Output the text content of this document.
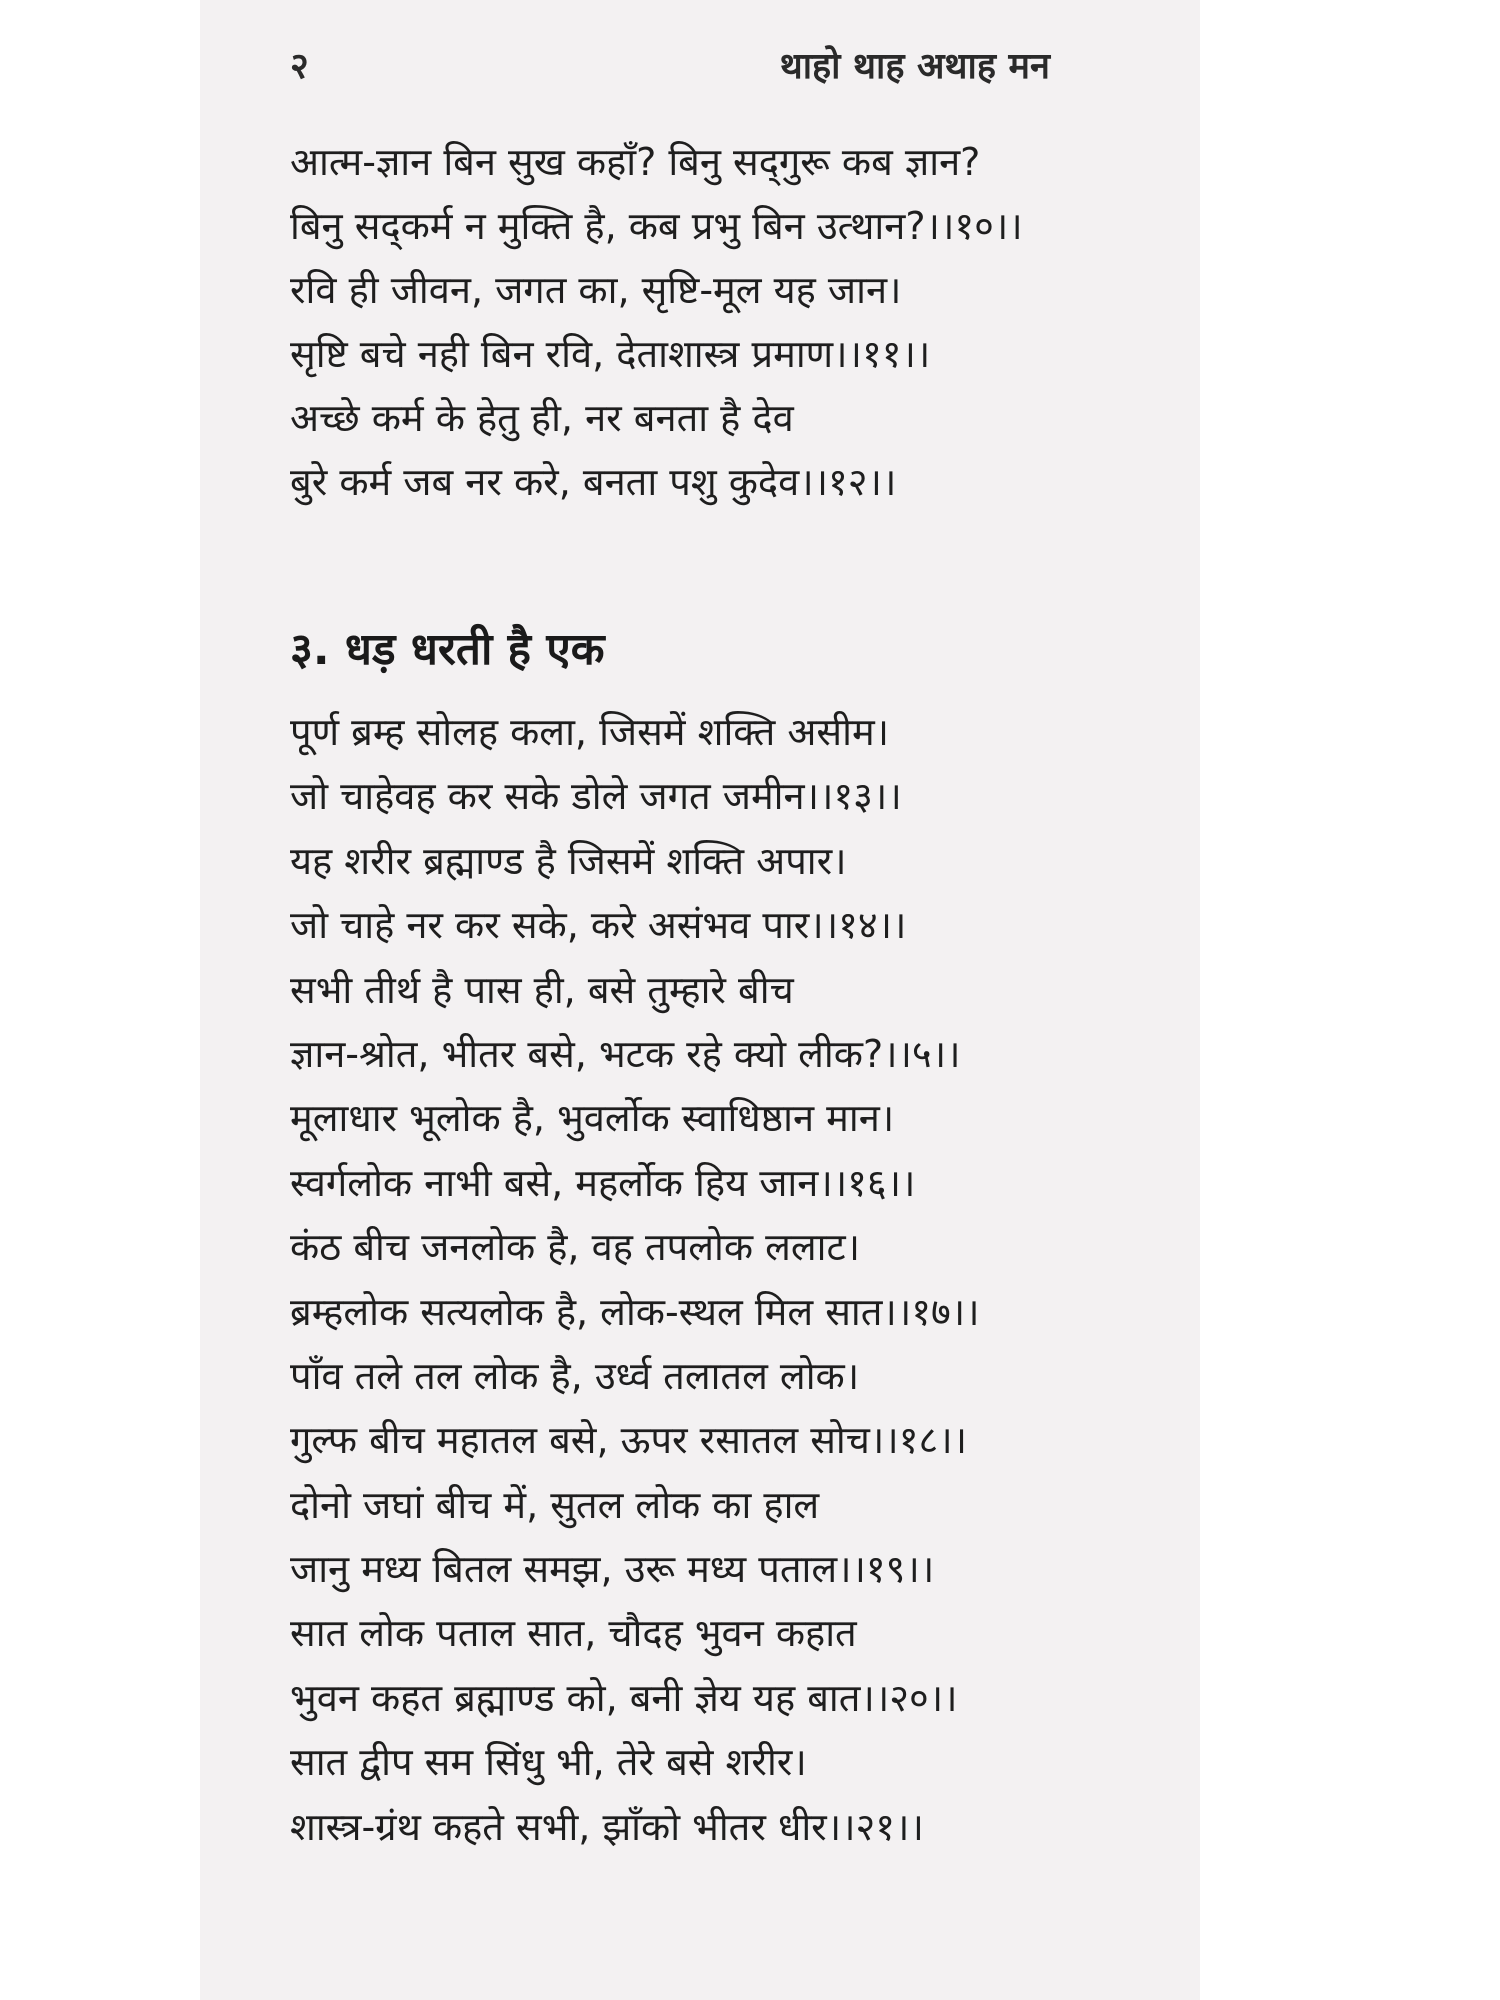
२	थाहो थाह अथाह मन
आत्म-ज्ञान बिन सुख कहाँ? बिनु सद्‌गुरू कब ज्ञान?
बिनु सद्‌कर्म न मुक्ति है, कब प्रभु बिन उत्थान?।।१०।।
रवि ही जीवन, जगत का, सृष्टि-मूल यह जान।
सृष्टि बचे नही बिन रवि, देताशास्त्र प्रमाण।।११।।
अच्छे कर्म के हेतु ही, नर बनता है देव
बुरे कर्म जब नर करे, बनता पशु कुदेव।।१२।।
३. धड़ धरती है एक
पूर्ण ब्रम्ह सोलह कला, जिसमें शक्ति असीम।
जो चाहेवह कर सके डोले जगत जमीन।।१३।।
यह शरीर ब्रह्माण्ड है जिसमें शक्ति अपार।
जो चाहे नर कर सके, करे असंभव पार।।१४।।
सभी तीर्थ है पास ही, बसे तुम्हारे बीच
ज्ञान-श्रोत, भीतर बसे, भटक रहे क्यो लीक?।।५।।
मूलाधार भूलोक है, भुवर्लोक स्वाधिष्ठान मान।
स्वर्गलोक नाभी बसे, महर्लोक हिय जान।।१६।।
कंठ बीच जनलोक है, वह तपलोक ललाट।
ब्रम्हलोक सत्यलोक है, लोक-स्थल मिल सात।।१७।।
पाँव तले तल लोक है, उर्ध्व तलातल लोक।
गुल्फ बीच महातल बसे, ऊपर रसातल सोच।।१८।।
दोनो जघां बीच में, सुतल लोक का हाल
जानु मध्य बितल समझ, उरू मध्य पताल।।१९।।
सात लोक पताल सात, चौदह भुवन कहात
भुवन कहत ब्रह्माण्ड को, बनी ज्ञेय यह बात।।२०।।
सात द्वीप सम सिंधु भी, तेरे बसे शरीर।
शास्त्र-ग्रंथ कहते सभी, झाँको भीतर धीर।।२१।।
